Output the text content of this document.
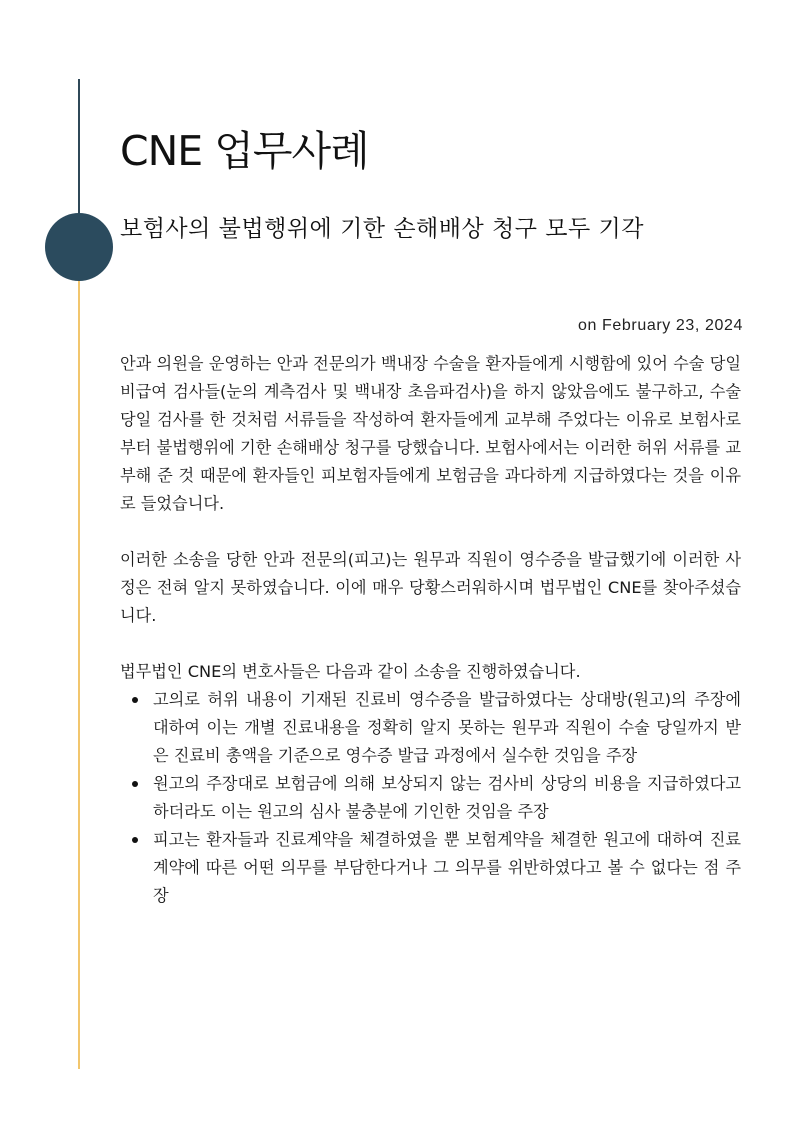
CNE 업무사례
보험사의 불법행위에 기한 손해배상 청구 모두 기각
on February 23, 2024

안과 의원을 운영하는 안과 전문의가 백내장 수술을 환자들에게 시행함에 있어 수술 당일 비급여 검사들(눈의 계측검사 및 백내장 초음파검사)을 하지 않았음에도 불구하고, 수술 당일 검사를 한 것처럼 서류들을 작성하여 환자들에게 교부해 주었다는 이유로 보험사로부터 불법행위에 기한 손해배상 청구를 당했습니다. 보험사에서는 이러한 허위 서류를 교부해 준 것 때문에 환자들인 피보험자들에게 보험금을 과다하게 지급하였다는 것을 이유로 들었습니다.

이러한 소송을 당한 안과 전문의(피고)는 원무과 직원이 영수증을 발급했기에 이러한 사정은 전혀 알지 못하였습니다. 이에 매우 당황스러워하시며 법무법인 CNE를 찾아주셨습니다.

법무법인 CNE의 변호사들은 다음과 같이 소송을 진행하였습니다.

고의로 허위 내용이 기재된 진료비 영수증을 발급하였다는 상대방(원고)의 주장에 대하여 이는 개별 진료내용을 정확히 알지 못하는 원무과 직원이 수술 당일까지 받은 진료비 총액을 기준으로 영수증 발급 과정에서 실수한 것임을 주장
원고의 주장대로 보험금에 의해 보상되지 않는 검사비 상당의 비용을 지급하였다고 하더라도 이는 원고의 심사 불충분에 기인한 것임을 주장
피고는 환자들과 진료계약을 체결하였을 뿐 보험계약을 체결한 원고에 대하여 진료계약에 따른 어떤 의무를 부담한다거나 그 의무를 위반하였다고 볼 수 없다는 점 주장
